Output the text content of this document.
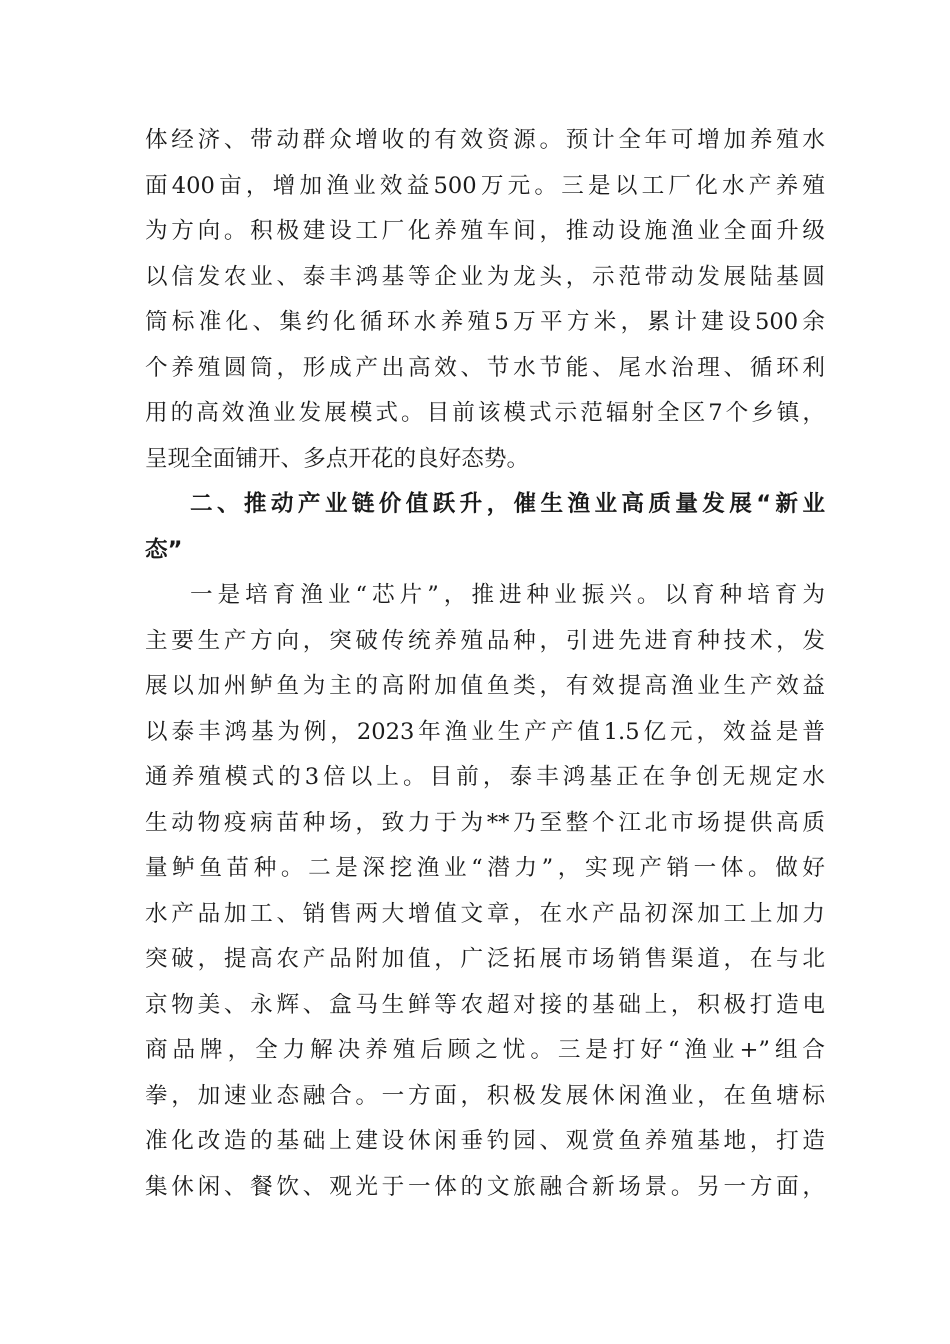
体经济、带动群众增收的有效资源。预计全年可增加养殖水
面400亩，增加渔业效益500万元。三是以工厂化水产养殖
为方向。积极建设工厂化养殖车间，推动设施渔业全面升级
以信发农业、泰丰鸿基等企业为龙头，示范带动发展陆基圆
筒标准化、集约化循环水养殖5万平方米，累计建设500余
个养殖圆筒，形成产出高效、节水节能、尾水治理、循环利
用的高效渔业发展模式。目前该模式示范辐射全区7个乡镇，
呈现全面铺开、多点开花的良好态势。
二、推动产业链价值跃升，催生渔业高质量发展“新业
态”
一是培育渔业“芯片”，推进种业振兴。以育种培育为
主要生产方向，突破传统养殖品种，引进先进育种技术，发
展以加州鲈鱼为主的高附加值鱼类，有效提高渔业生产效益
以泰丰鸿基为例，2023年渔业生产产值1.5亿元，效益是普
通养殖模式的3倍以上。目前，泰丰鸿基正在争创无规定水
生动物疫病苗种场，致力于为**乃至整个江北市场提供高质
量鲈鱼苗种。二是深挖渔业“潜力”，实现产销一体。做好
水产品加工、销售两大增值文章，在水产品初深加工上加力
突破，提高农产品附加值，广泛拓展市场销售渠道，在与北
京物美、永辉、盒马生鲜等农超对接的基础上，积极打造电
商品牌，全力解决养殖后顾之忧。三是打好“渔业+”组合
拳，加速业态融合。一方面，积极发展休闲渔业，在鱼塘标
准化改造的基础上建设休闲垂钓园、观赏鱼养殖基地，打造
集休闲、餐饮、观光于一体的文旅融合新场景。另一方面，
